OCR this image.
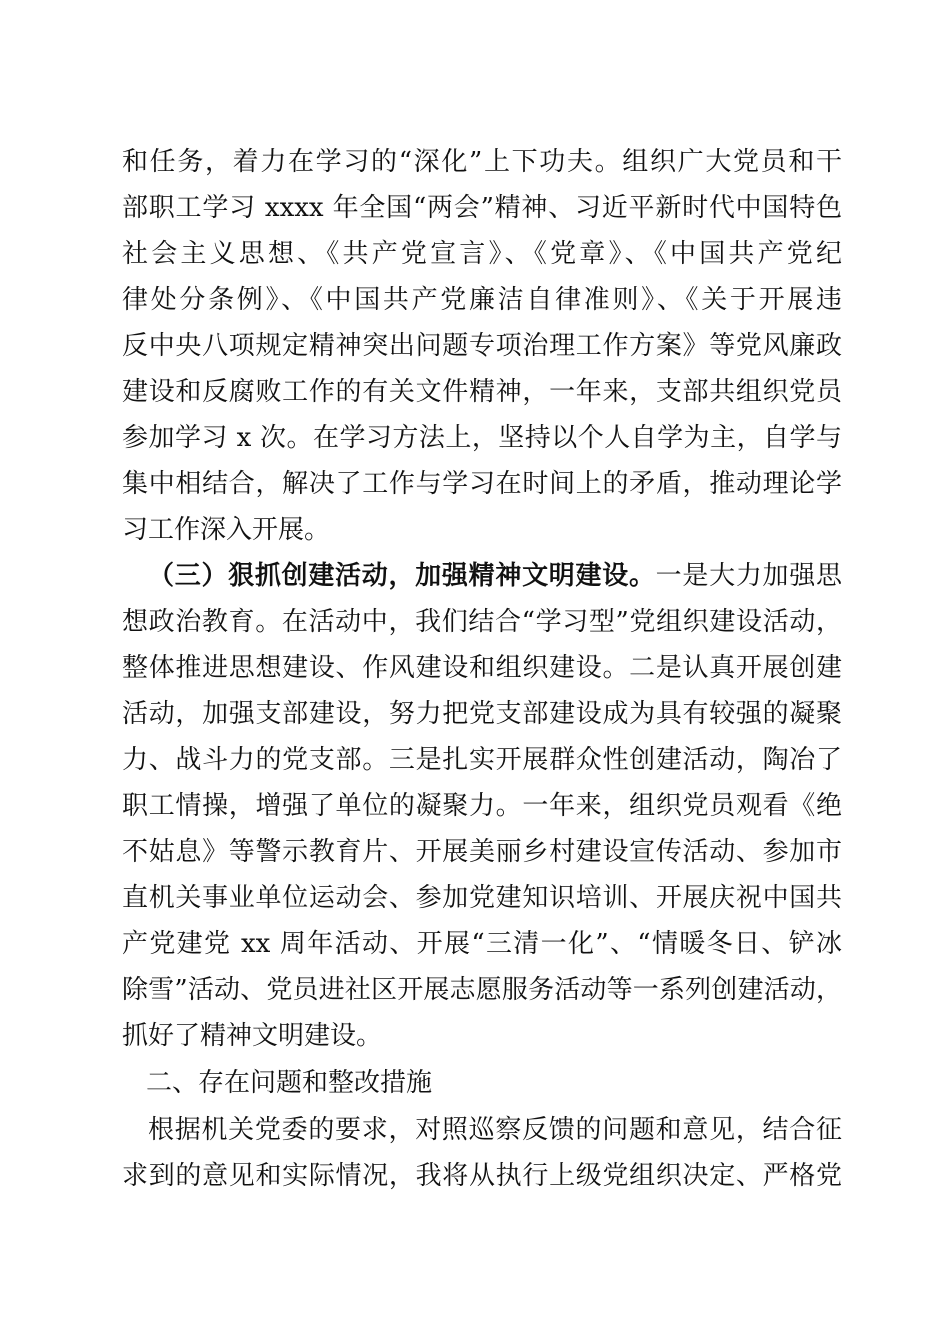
和任务，着力在学习的“深化”上下功夫。组织广大党员和干
部职工学习 xxxx 年全国“两会”精神、习近平新时代中国特色
社会主义思想、《共产党宣言》、《党章》、《中国共产党纪
律处分条例》、《中国共产党廉洁自律准则》、《关于开展违
反中央八项规定精神突出问题专项治理工作方案》等党风廉政
建设和反腐败工作的有关文件精神，一年来，支部共组织党员
参加学习 x 次。在学习方法上，坚持以个人自学为主，自学与
集中相结合，解决了工作与学习在时间上的矛盾，推动理论学
习工作深入开展。
（三）狠抓创建活动，加强精神文明建设。一是大力加强思
想政治教育。在活动中，我们结合“学习型”党组织建设活动，
整体推进思想建设、作风建设和组织建设。二是认真开展创建
活动，加强支部建设，努力把党支部建设成为具有较强的凝聚
力、战斗力的党支部。三是扎实开展群众性创建活动，陶冶了
职工情操，增强了单位的凝聚力。一年来，组织党员观看《绝
不姑息》等警示教育片、开展美丽乡村建设宣传活动、参加市
直机关事业单位运动会、参加党建知识培训、开展庆祝中国共
产党建党 xx 周年活动、开展“三清一化”、“情暖冬日、铲冰
除雪”活动、党员进社区开展志愿服务活动等一系列创建活动，
抓好了精神文明建设。
二、存在问题和整改措施
根据机关党委的要求，对照巡察反馈的问题和意见，结合征
求到的意见和实际情况，我将从执行上级党组织决定、严格党
